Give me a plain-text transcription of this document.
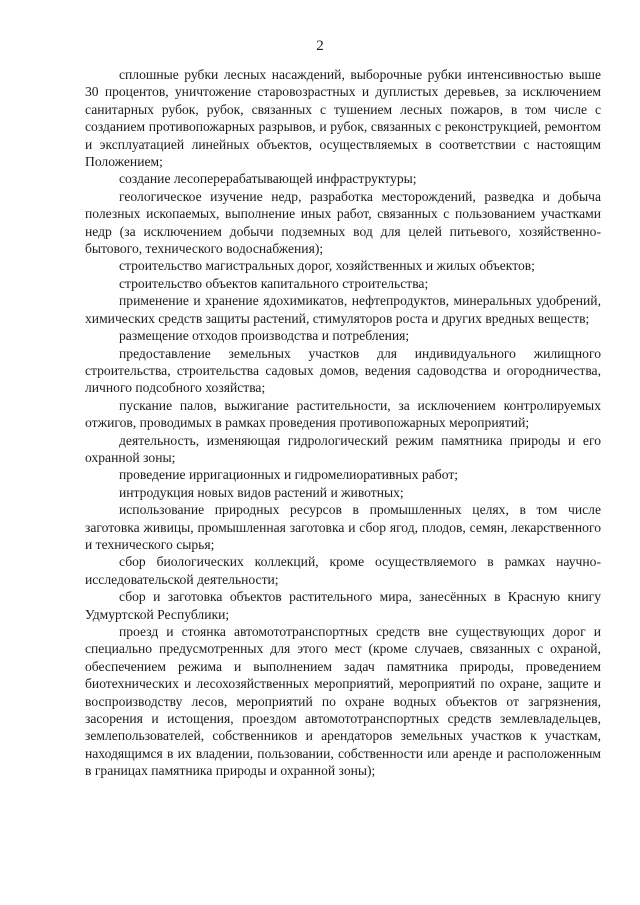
2

сплошные рубки лесных насаждений, выборочные рубки интенсивностью выше 30 процентов, уничтожение старовозрастных и дуплистых деревьев, за исключением санитарных рубок, рубок, связанных с тушением лесных пожаров, в том числе с созданием противопожарных разрывов, и рубок, связанных с реконструкцией, ремонтом и эксплуатацией линейных объектов, осуществляемых в соответствии с настоящим Положением;

создание лесоперерабатывающей инфраструктуры;

геологическое изучение недр, разработка месторождений, разведка и добыча полезных ископаемых, выполнение иных работ, связанных с пользованием участками недр (за исключением добычи подземных вод для целей питьевого, хозяйственно-бытового, технического водоснабжения);

строительство магистральных дорог, хозяйственных и жилых объектов;

строительство объектов капитального строительства;

применение и хранение ядохимикатов, нефтепродуктов, минеральных удобрений, химических средств защиты растений, стимуляторов роста и других вредных веществ;

размещение отходов производства и потребления;

предоставление земельных участков для индивидуального жилищного строительства, строительства садовых домов, ведения садоводства и огородничества, личного подсобного хозяйства;

пускание палов, выжигание растительности, за исключением контролируемых отжигов, проводимых в рамках проведения противопожарных мероприятий;

деятельность, изменяющая гидрологический режим памятника природы и его охранной зоны;

проведение ирригационных и гидромелиоративных работ;

интродукция новых видов растений и животных;

использование природных ресурсов в промышленных целях, в том числе заготовка живицы, промышленная заготовка и сбор ягод, плодов, семян, лекарственного и технического сырья;

сбор биологических коллекций, кроме осуществляемого в рамках научно-исследовательской деятельности;

сбор и заготовка объектов растительного мира, занесённых в Красную книгу Удмуртской Республики;

проезд и стоянка автомототранспортных средств вне существующих дорог и специально предусмотренных для этого мест (кроме случаев, связанных с охраной, обеспечением режима и выполнением задач памятника природы, проведением биотехнических и лесохозяйственных мероприятий, мероприятий по охране, защите и воспроизводству лесов, мероприятий по охране водных объектов от загрязнения, засорения и истощения, проездом автомототранспортных средств землевладельцев, землепользователей, собственников и арендаторов земельных участков к участкам, находящимся в их владении, пользовании, собственности или аренде и расположенным в границах памятника природы и охранной зоны);
